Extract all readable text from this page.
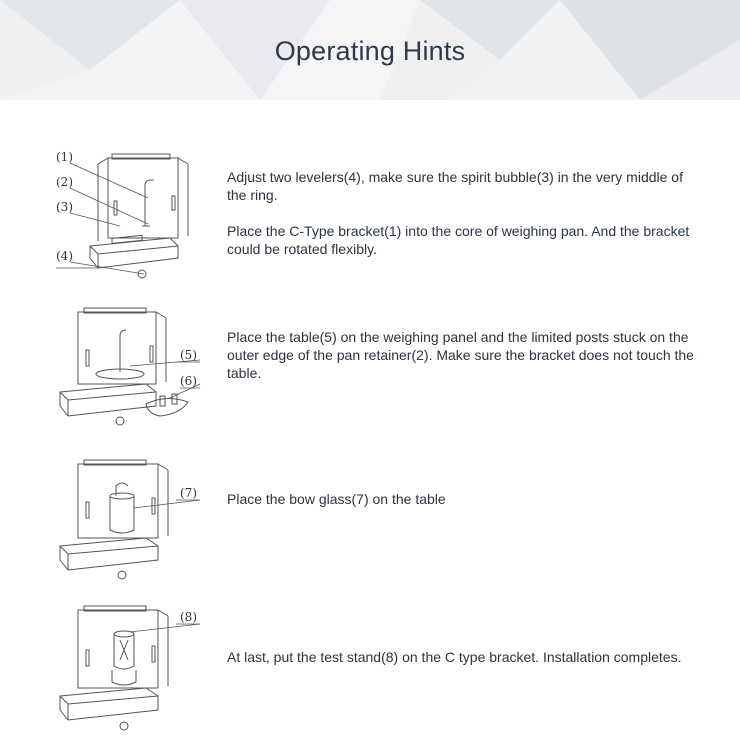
Operating Hints
(1)
(2)
(3)
(4)

Adjust two levelers(4), make sure the spirit bubble(3) in the very middle of the ring.

Place the C-Type bracket(1) into the core of weighing pan. And the bracket could be rotated flexibly.

(5)
(6)

Place the table(5) on the weighing panel and the limited posts stuck on the outer edge of the pan retainer(2). Make sure the bracket does not touch the table.

(7) Place the bow glass(7) on the table

(8)

At last, put the test stand(8) on the C type bracket. Installation completes.
